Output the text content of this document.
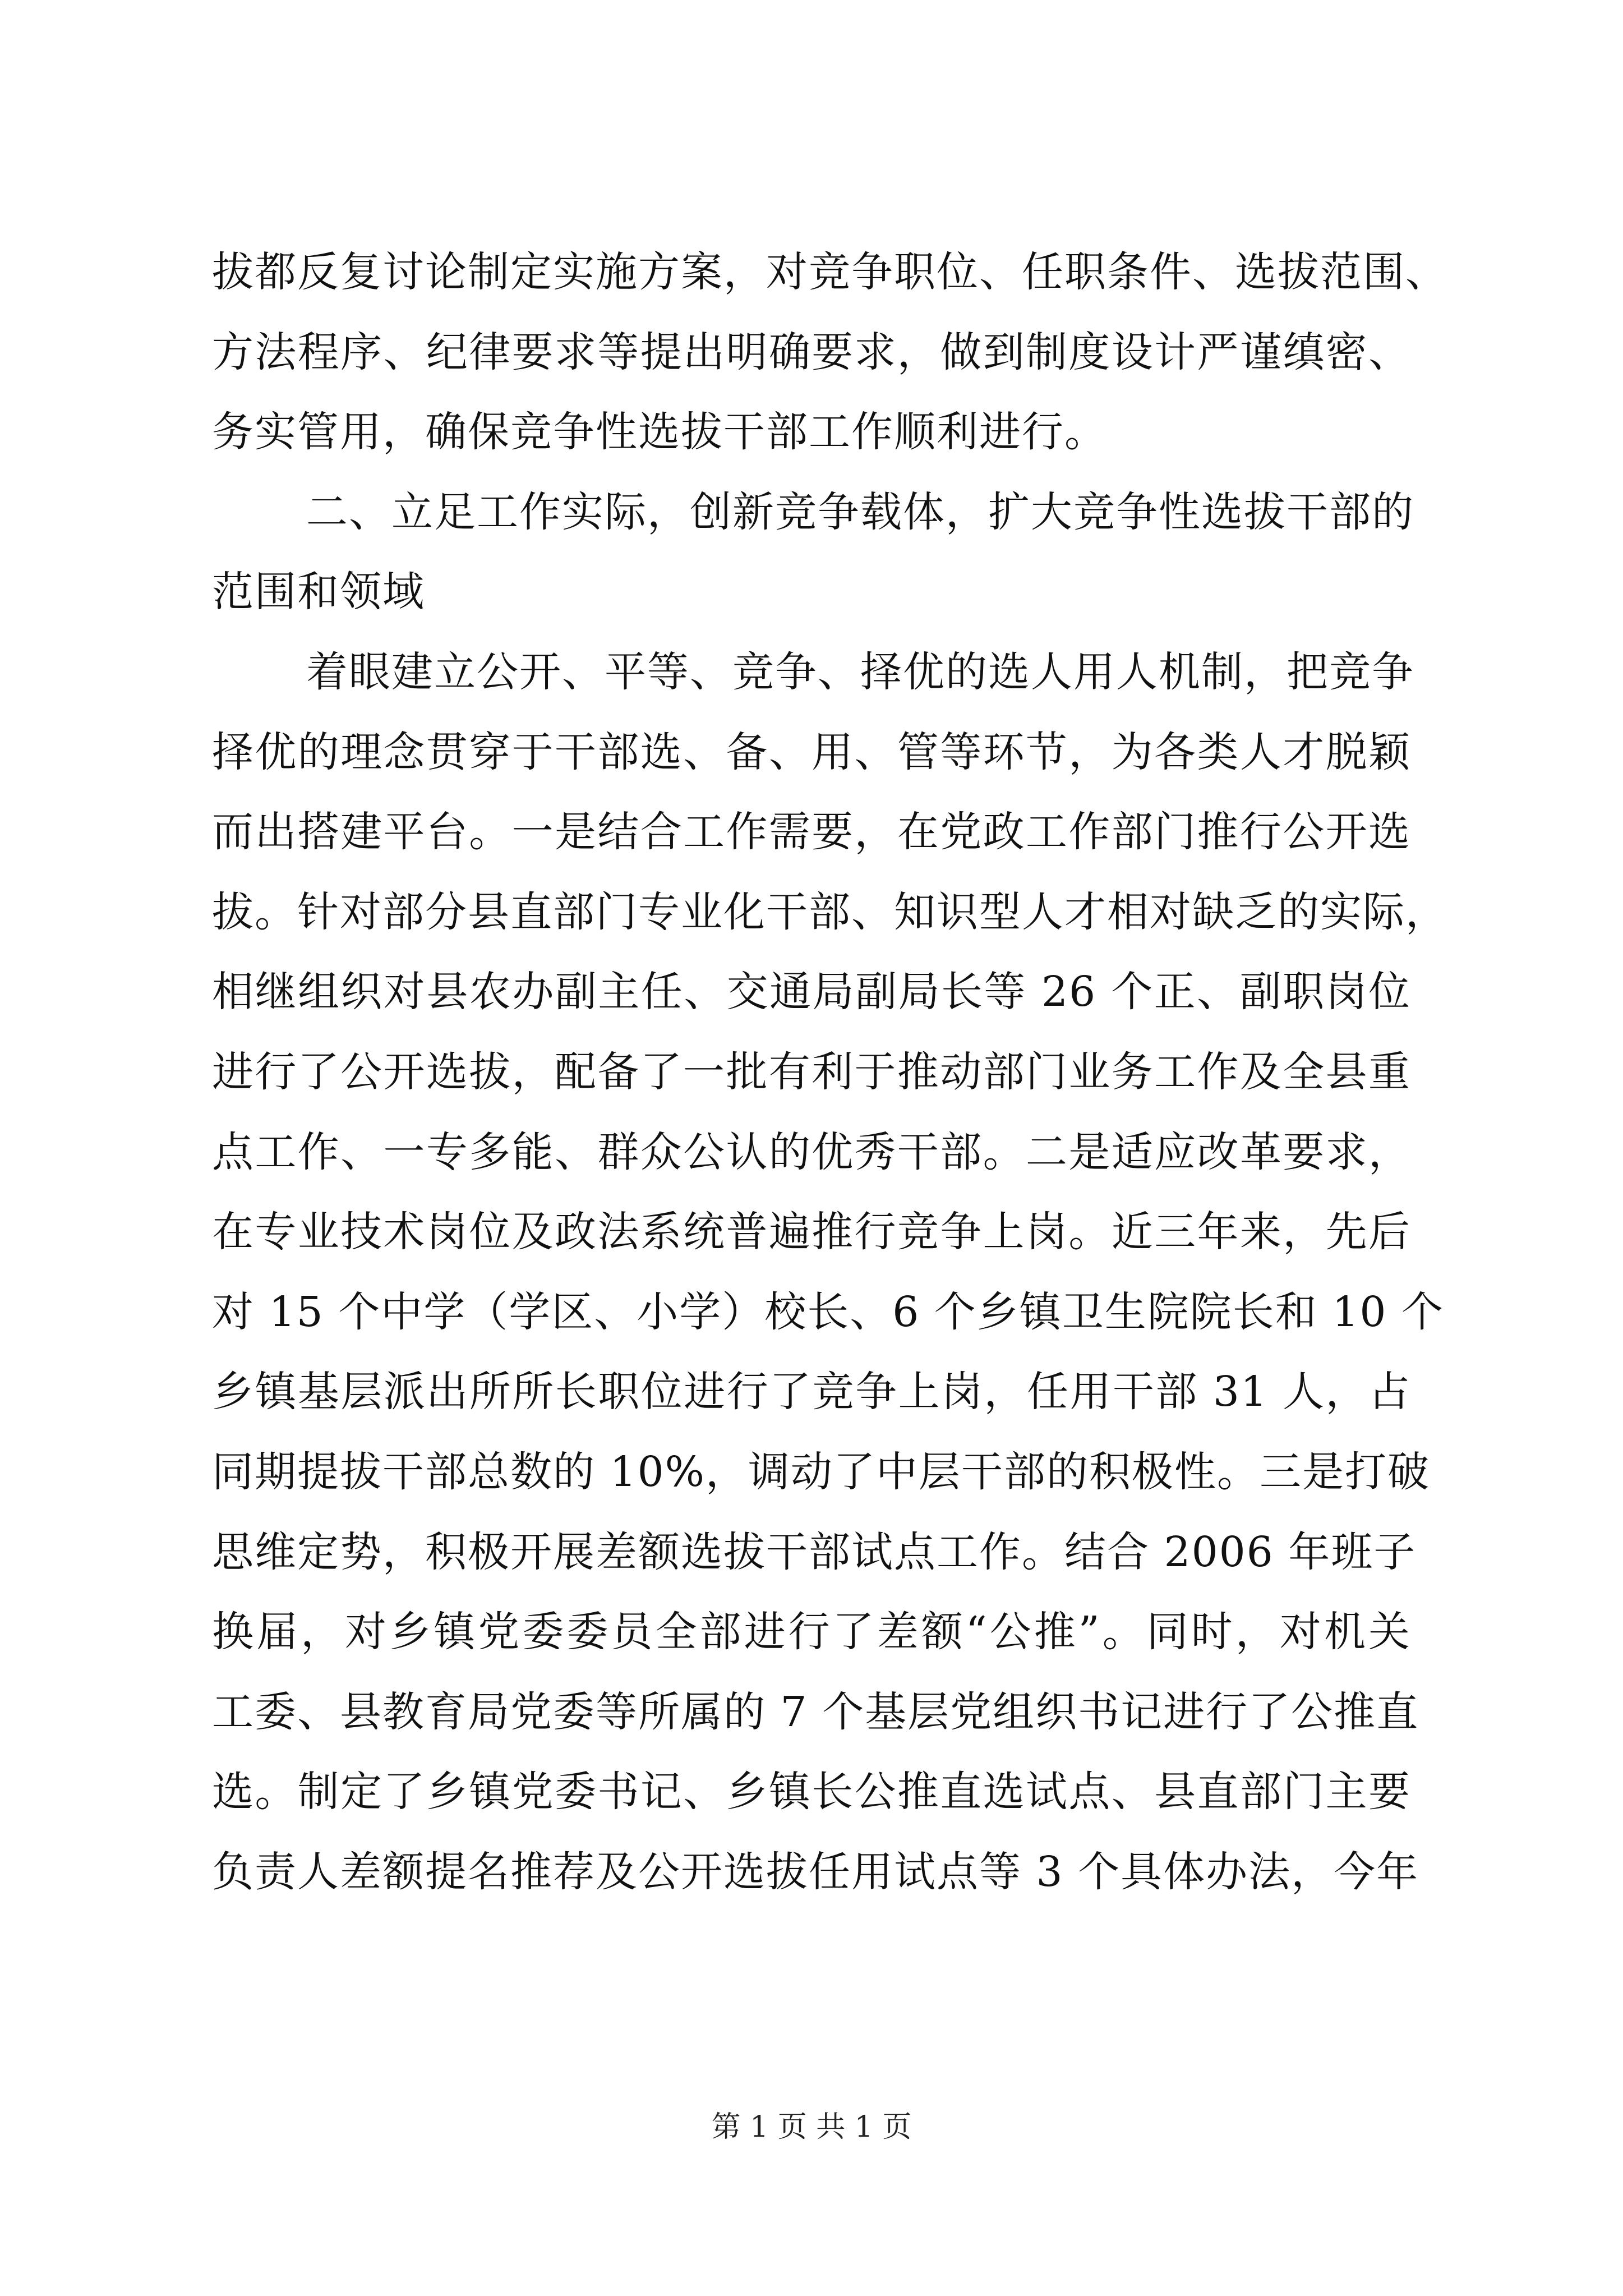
拔都反复讨论制定实施方案，对竞争职位、任职条件、选拔范围、
方法程序、纪律要求等提出明确要求，做到制度设计严谨缜密、
务实管用，确保竞争性选拔干部工作顺利进行。
二、立足工作实际，创新竞争载体，扩大竞争性选拔干部的
范围和领域
着眼建立公开、平等、竞争、择优的选人用人机制，把竞争
择优的理念贯穿于干部选、备、用、管等环节，为各类人才脱颖
而出搭建平台。一是结合工作需要，在党政工作部门推行公开选
拔。针对部分县直部门专业化干部、知识型人才相对缺乏的实际，
相继组织对县农办副主任、交通局副局长等 26 个正、副职岗位
进行了公开选拔，配备了一批有利于推动部门业务工作及全县重
点工作、一专多能、群众公认的优秀干部。二是适应改革要求，
在专业技术岗位及政法系统普遍推行竞争上岗。近三年来，先后
对 15 个中学（学区、小学）校长、6 个乡镇卫生院院长和 10 个
乡镇基层派出所所长职位进行了竞争上岗，任用干部 31 人，占
同期提拔干部总数的 10%，调动了中层干部的积极性。三是打破
思维定势，积极开展差额选拔干部试点工作。结合 2006 年班子
换届，对乡镇党委委员全部进行了差额“公推”。同时，对机关
工委、县教育局党委等所属的 7 个基层党组织书记进行了公推直
选。制定了乡镇党委书记、乡镇长公推直选试点、县直部门主要
负责人差额提名推荐及公开选拔任用试点等 3 个具体办法，今年
第 1 页 共 1 页
